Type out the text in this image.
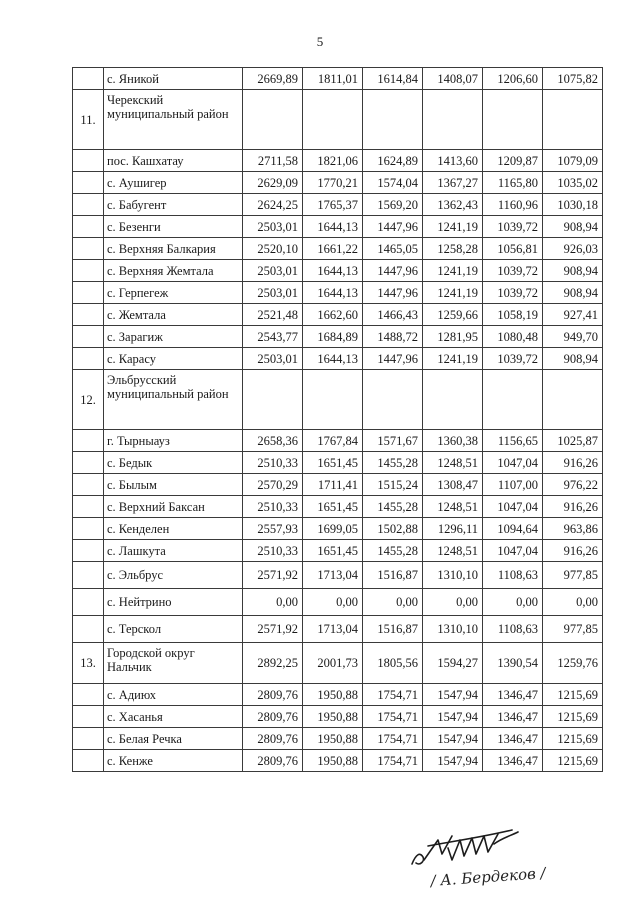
5
	с. Яникой	2669,89	1811,01	1614,84	1408,07	1206,60	1075,82
11.	Черекский муниципальный район						
	пос. Кашхатау	2711,58	1821,06	1624,89	1413,60	1209,87	1079,09
	с. Аушигер	2629,09	1770,21	1574,04	1367,27	1165,80	1035,02
	с. Бабугент	2624,25	1765,37	1569,20	1362,43	1160,96	1030,18
	с. Безенги	2503,01	1644,13	1447,96	1241,19	1039,72	908,94
	с. Верхняя Балкария	2520,10	1661,22	1465,05	1258,28	1056,81	926,03
	с. Верхняя Жемтала	2503,01	1644,13	1447,96	1241,19	1039,72	908,94
	с. Герпегеж	2503,01	1644,13	1447,96	1241,19	1039,72	908,94
	с. Жемтала	2521,48	1662,60	1466,43	1259,66	1058,19	927,41
	с. Зарагиж	2543,77	1684,89	1488,72	1281,95	1080,48	949,70
	с. Карасу	2503,01	1644,13	1447,96	1241,19	1039,72	908,94
12.	Эльбрусский муниципальный район						
	г. Тырныауз	2658,36	1767,84	1571,67	1360,38	1156,65	1025,87
	с. Бедык	2510,33	1651,45	1455,28	1248,51	1047,04	916,26
	с. Былым	2570,29	1711,41	1515,24	1308,47	1107,00	976,22
	с. Верхний Баксан	2510,33	1651,45	1455,28	1248,51	1047,04	916,26
	с. Кенделен	2557,93	1699,05	1502,88	1296,11	1094,64	963,86
	с. Лашкута	2510,33	1651,45	1455,28	1248,51	1047,04	916,26
	с. Эльбрус	2571,92	1713,04	1516,87	1310,10	1108,63	977,85
	с. Нейтрино	0,00	0,00	0,00	0,00	0,00	0,00
	с. Терскол	2571,92	1713,04	1516,87	1310,10	1108,63	977,85
13.	Городской округ Нальчик	2892,25	2001,73	1805,56	1594,27	1390,54	1259,76
	с. Адиюх	2809,76	1950,88	1754,71	1547,94	1346,47	1215,69
	с. Хасанья	2809,76	1950,88	1754,71	1547,94	1346,47	1215,69
	с. Белая Речка	2809,76	1950,88	1754,71	1547,94	1346,47	1215,69
	с. Кенже	2809,76	1950,88	1754,71	1547,94	1346,47	1215,69
/ А. Бердеков /
